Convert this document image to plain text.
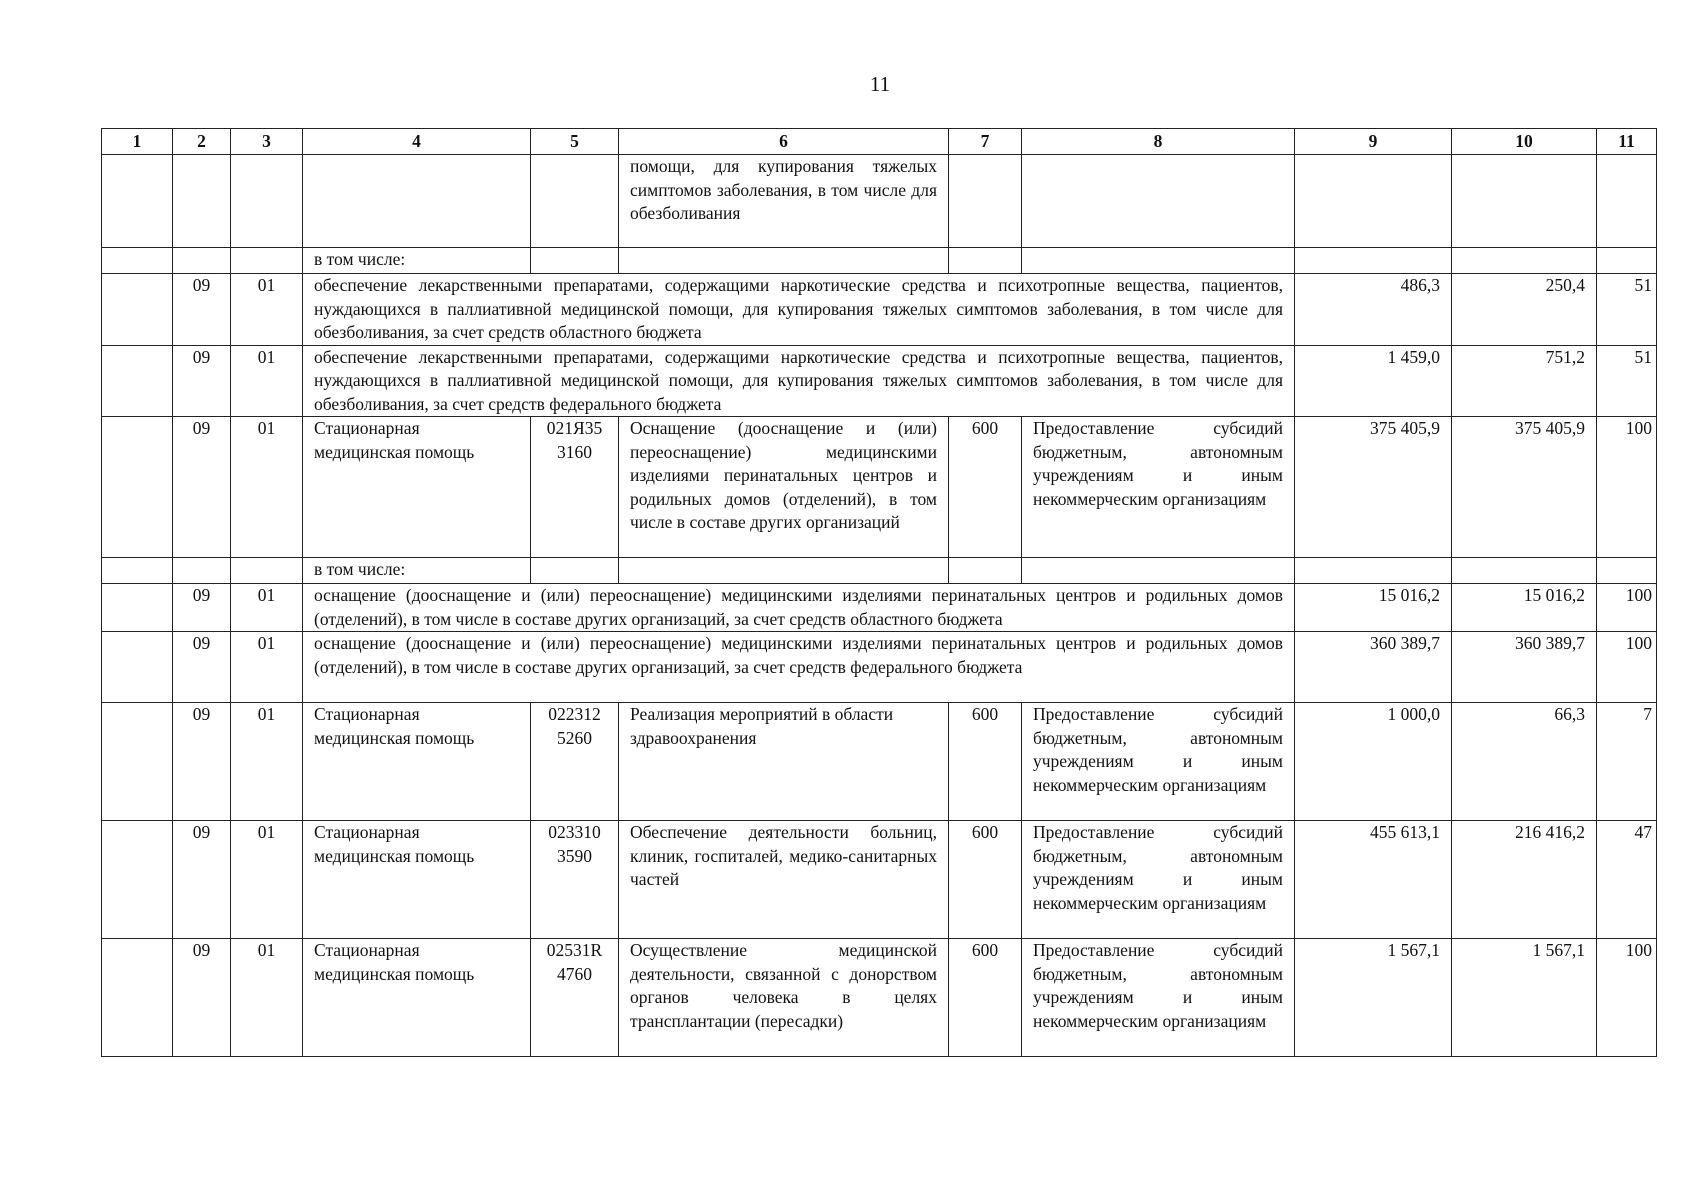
11
1	2	3	4	5	6	7	8	9	10	11
					помощи, для купирования тяжелых симптомов заболевания, в том числе для обезболивания					
			в том числе:							
	09	01	обеспечение лекарственными препаратами, содержащими наркотические средства и психотропные вещества, пациентов, нуждающихся в паллиативной медицинской помощи, для купирования тяжелых симптомов заболевания, в том числе для обезболивания, за счет средств областного бюджета					486,3	250,4	51
	09	01	обеспечение лекарственными препаратами, содержащими наркотические средства и психотропные вещества, пациентов, нуждающихся в паллиативной медицинской помощи, для купирования тяжелых симптомов заболевания, в том числе для обезболивания, за счет средств федерального бюджета					1 459,0	751,2	51
	09	01	Стационарная медицинская помощь	021Я35 3160	Оснащение (дооснащение и (или) переоснащение) медицинскими изделиями перинатальных центров и родильных домов (отделений), в том числе в составе других организаций	600	Предоставление субсидий бюджетным, автономным учреждениям и иным некоммерческим организациям	375 405,9	375 405,9	100
			в том числе:							
	09	01	оснащение (дооснащение и (или) переоснащение) медицинскими изделиями перинатальных центров и родильных домов (отделений), в том числе в составе других организаций, за счет средств областного бюджета					15 016,2	15 016,2	100
	09	01	оснащение (дооснащение и (или) переоснащение) медицинскими изделиями перинатальных центров и родильных домов (отделений), в том числе в составе других организаций, за счет средств федерального бюджета					360 389,7	360 389,7	100
	09	01	Стационарная медицинская помощь	022312 5260	Реализация мероприятий в области здравоохранения	600	Предоставление субсидий бюджетным, автономным учреждениям и иным некоммерческим организациям	1 000,0	66,3	7
	09	01	Стационарная медицинская помощь	023310 3590	Обеспечение деятельности больниц, клиник, госпиталей, медико-санитарных частей	600	Предоставление субсидий бюджетным, автономным учреждениям и иным некоммерческим организациям	455 613,1	216 416,2	47
	09	01	Стационарная медицинская помощь	02531R 4760	Осуществление медицинской деятельности, связанной с донорством органов человека в целях трансплантации (пересадки)	600	Предоставление субсидий бюджетным, автономным учреждениям и иным некоммерческим организациям	1 567,1	1 567,1	100
